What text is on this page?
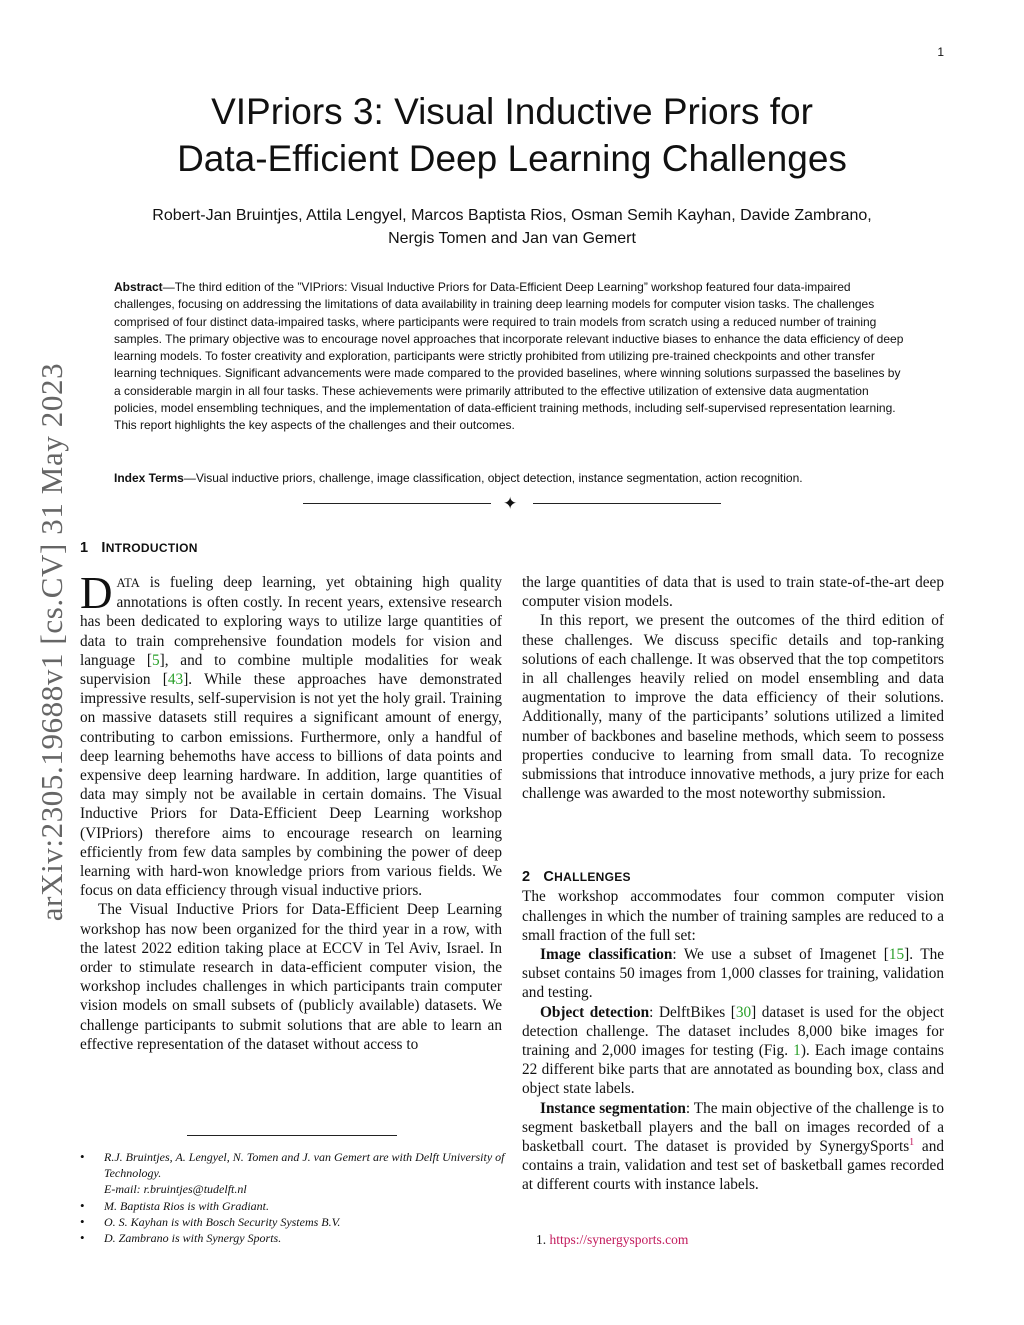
1
arXiv:2305.19688v1 [cs.CV] 31 May 2023
VIPriors 3: Visual Inductive Priors for
Data-Efficient Deep Learning Challenges

Robert-Jan Bruintjes, Attila Lengyel, Marcos Baptista Rios, Osman Semih Kayhan, Davide Zambrano,
Nergis Tomen and Jan van Gemert

Abstract—The third edition of the ”VIPriors: Visual Inductive Priors for Data-Efficient Deep Learning” workshop featured four data-impaired challenges, focusing on addressing the limitations of data availability in training deep learning models for computer vision tasks. The challenges comprised of four distinct data-impaired tasks, where participants were required to train models from scratch using a reduced number of training samples. The primary objective was to encourage novel approaches that incorporate relevant inductive biases to enhance the data efficiency of deep learning models. To foster creativity and exploration, participants were strictly prohibited from utilizing pre-trained checkpoints and other transfer learning techniques. Significant advancements were made compared to the provided baselines, where winning solutions surpassed the baselines by a considerable margin in all four tasks. These achievements were primarily attributed to the effective utilization of extensive data augmentation policies, model ensembling techniques, and the implementation of data-efficient training methods, including self-supervised representation learning. This report highlights the key aspects of the challenges and their outcomes.

Index Terms—Visual inductive priors, challenge, image classification, object detection, instance segmentation, action recognition.

✦
1 INTRODUCTION

DATA is fueling deep learning, yet obtaining high quality annotations is often costly. In recent years, extensive research has been dedicated to exploring ways to utilize large quantities of data to train comprehensive foundation models for vision and language [5], and to combine multiple modalities for weak supervision [43]. While these approaches have demonstrated impressive results, self-supervision is not yet the holy grail. Training on massive datasets still requires a significant amount of energy, contributing to carbon emissions. Furthermore, only a handful of deep learning behemoths have access to billions of data points and expensive deep learning hardware. In addition, large quantities of data may simply not be available in certain domains. The Visual Inductive Priors for Data-Efficient Deep Learning workshop (VIPriors) therefore aims to encourage research on learning efficiently from few data samples by combining the power of deep learning with hard-won knowledge priors from various fields. We focus on data efficiency through visual inductive priors.

The Visual Inductive Priors for Data-Efficient Deep Learning workshop has now been organized for the third year in a row, with the latest 2022 edition taking place at ECCV in Tel Aviv, Israel. In order to stimulate research in data-efficient computer vision, the workshop includes challenges in which participants train computer vision models on small subsets of (publicly available) datasets. We challenge participants to submit solutions that are able to learn an effective representation of the dataset without access to

the large quantities of data that is used to train state-of-the-art deep computer vision models.

In this report, we present the outcomes of the third edition of these challenges. We discuss specific details and top-ranking solutions of each challenge. It was observed that the top competitors in all challenges heavily relied on model ensembling and data augmentation to improve the data efficiency of their solutions. Additionally, many of the participants’ solutions utilized a limited number of backbones and baseline methods, which seem to possess properties conducive to learning from small data. To recognize submissions that introduce innovative methods, a jury prize for each challenge was awarded to the most noteworthy submission.

The workshop accommodates four common computer vision challenges in which the number of training samples are reduced to a small fraction of the full set:

Image classification: We use a subset of Imagenet [15]. The subset contains 50 images from 1,000 classes for training, validation and testing.

Object detection: DelftBikes [30] dataset is used for the object detection challenge. The dataset includes 8,000 bike images for training and 2,000 images for testing (Fig. 1). Each image contains 22 different bike parts that are annotated as bounding box, class and object state labels.

Instance segmentation: The main objective of the challenge is to segment basketball players and the ball on images recorded of a basketball court. The dataset is provided by SynergySports$^1$ and contains a train, validation and test set of basketball games recorded at different courts with instance labels.

2 CHALLENGES
• R.J. Bruintjes, A. Lengyel, N. Tomen and J. van Gemert are with Delft University of Technology.
E-mail: r.bruintjes@tudelft.nl
• M. Baptista Rios is with Gradiant.
• O. S. Kayhan is with Bosch Security Systems B.V.
• D. Zambrano is with Synergy Sports.	1. https://synergysports.com
